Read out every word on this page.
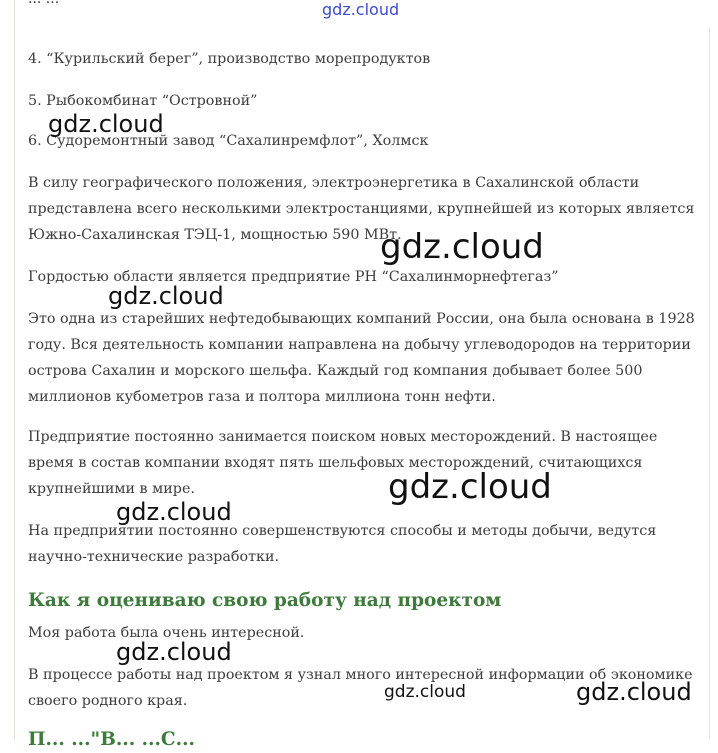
4. “Курильский берег”, производство морепродуктов

5. Рыбокомбинат “Островной”

6. Судоремонтный завод “Сахалинремфлот”, Холмск

В силу географического положения, электроэнергетика в Сахалинской области представлена всего несколькими электростанциями, крупнейшей из которых является Южно-Сахалинская ТЭЦ-1, мощностью 590 МВт.

Гордостью области является предприятие РН “Сахалинморнефтегаз”

Это одна из старейших нефтедобывающих компаний России, она была основана в 1928 году. Вся деятельность компании направлена на добычу углеводородов на территории острова Сахалин и морского шельфа. Каждый год компания добывает более 500 миллионов кубометров газа и полтора миллиона тонн нефти.

Предприятие постоянно занимается поиском новых месторождений. В настоящее время в состав компании входят пять шельфовых месторождений, считающихся крупнейшими в мире.

На предприятии постоянно совершенствуются способы и методы добычи, ведутся научно-технические разработки.

Как я оцениваю свою работу над проектом

Моя работа была очень интересной.

В процессе работы над проектом я узнал много интересной информации об экономике своего родного края.

П... ..."В... ...С...
gdz.cloud
gdz.cloud
gdz.cloud
gdz.cloud
gdz.cloud
gdz.cloud
gdz.cloud
gdz.cloud	gdz.cloud
